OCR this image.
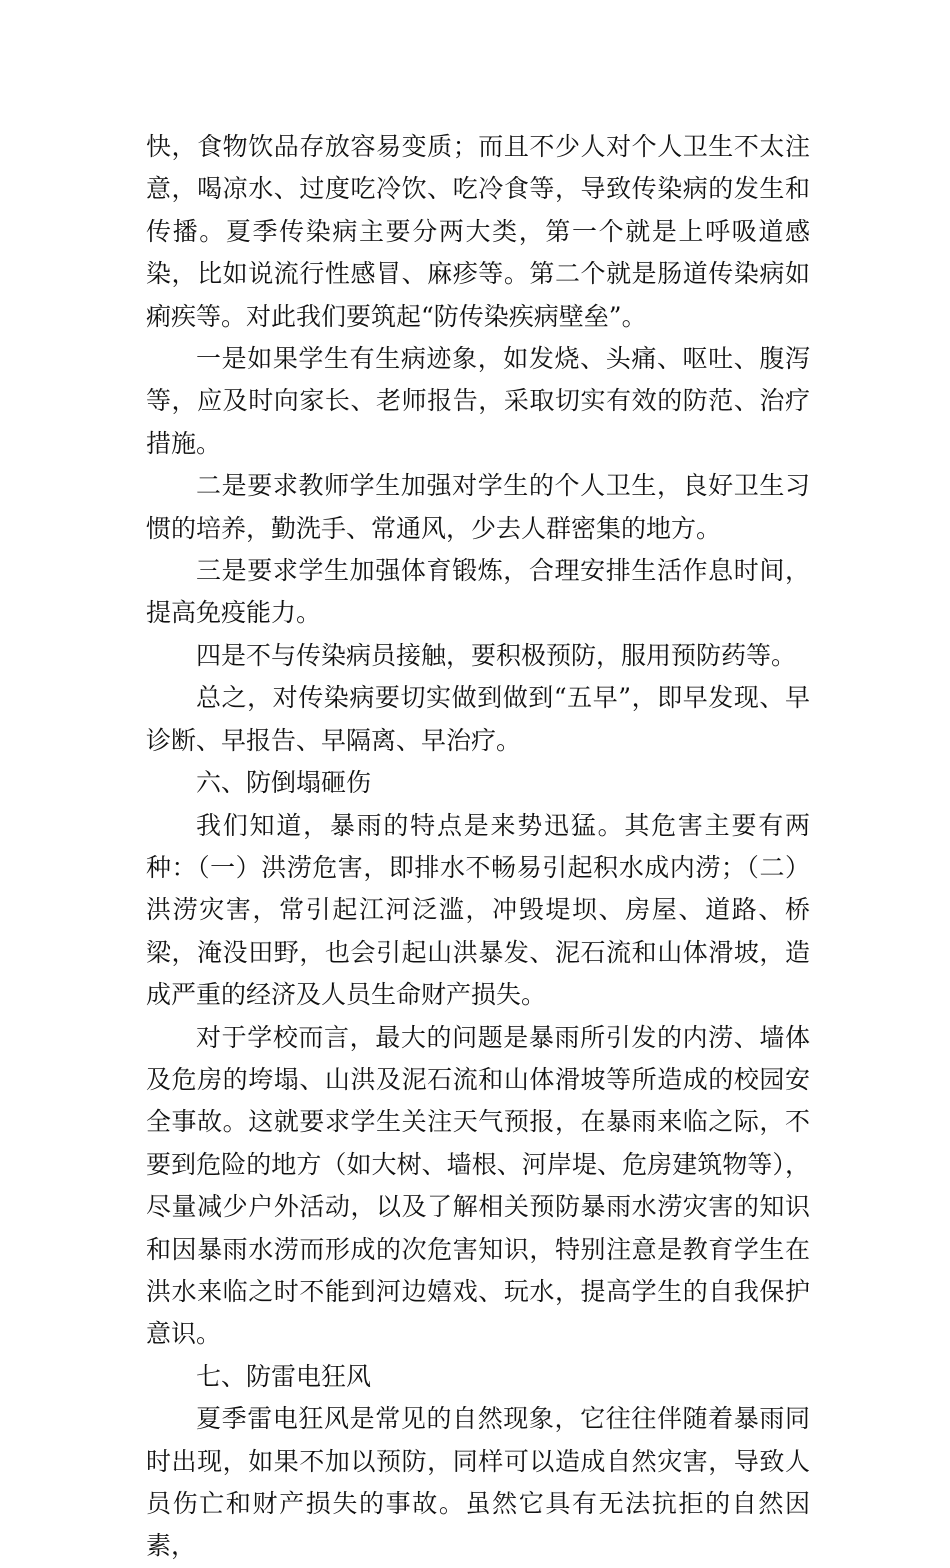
快，食物饮品存放容易变质；而且不少人对个人卫生不太注意，喝凉水、过度吃冷饮、吃冷食等，导致传染病的发生和传播。夏季传染病主要分两大类，第一个就是上呼吸道感染，比如说流行性感冒、麻疹等。第二个就是肠道传染病如痢疾等。对此我们要筑起“防传染疾病壁垒”。

一是如果学生有生病迹象，如发烧、头痛、呕吐、腹泻等，应及时向家长、老师报告，采取切实有效的防范、治疗措施。

二是要求教师学生加强对学生的个人卫生，良好卫生习惯的培养，勤洗手、常通风，少去人群密集的地方。

三是要求学生加强体育锻炼，合理安排生活作息时间，提高免疫能力。

四是不与传染病员接触，要积极预防，服用预防药等。

总之，对传染病要切实做到做到“五早”，即早发现、早诊断、早报告、早隔离、早治疗。

六、防倒塌砸伤

我们知道，暴雨的特点是来势迅猛。其危害主要有两种：（一）洪涝危害，即排水不畅易引起积水成内涝；（二）洪涝灾害，常引起江河泛滥，冲毁堤坝、房屋、道路、桥梁，淹没田野，也会引起山洪暴发、泥石流和山体滑坡，造成严重的经济及人员生命财产损失。

对于学校而言，最大的问题是暴雨所引发的内涝、墙体及危房的垮塌、山洪及泥石流和山体滑坡等所造成的校园安全事故。这就要求学生关注天气预报，在暴雨来临之际，不要到危险的地方（如大树、墙根、河岸堤、危房建筑物等），尽量减少户外活动，以及了解相关预防暴雨水涝灾害的知识和因暴雨水涝而形成的次危害知识，特别注意是教育学生在洪水来临之时不能到河边嬉戏、玩水，提高学生的自我保护意识。

七、防雷电狂风

夏季雷电狂风是常见的自然现象，它往往伴随着暴雨同时出现，如果不加以预防，同样可以造成自然灾害，导致人员伤亡和财产损失的事故。虽然它具有无法抗拒的自然因素，
